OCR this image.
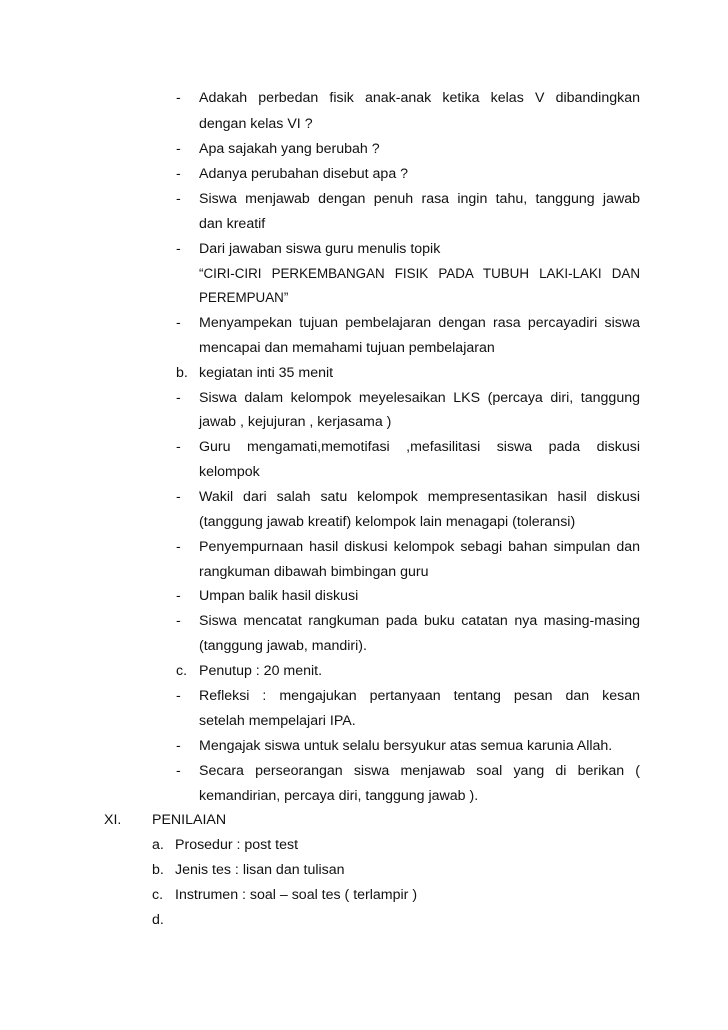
- Adakah perbedan fisik anak-anak ketika kelas V dibandingkan
dengan kelas VI ?
- Apa sajakah yang berubah ?
- Adanya perubahan disebut apa ?
- Siswa menjawab dengan penuh rasa ingin tahu, tanggung jawab
dan kreatif
- Dari jawaban siswa guru menulis topik
“CIRI-CIRI PERKEMBANGAN FISIK PADA TUBUH LAKI-LAKI DAN
PEREMPUAN”
- Menyampekan tujuan pembelajaran dengan rasa percayadiri siswa
mencapai dan memahami tujuan pembelajaran
b. kegiatan inti 35 menit
- Siswa dalam kelompok meyelesaikan LKS (percaya diri, tanggung
jawab , kejujuran , kerjasama )
- Guru mengamati,memotifasi ,mefasilitasi siswa pada diskusi
kelompok
- Wakil dari salah satu kelompok mempresentasikan hasil diskusi
(tanggung jawab kreatif) kelompok lain menagapi (toleransi)
- Penyempurnaan hasil diskusi kelompok sebagi bahan simpulan dan
rangkuman dibawah bimbingan guru
- Umpan balik hasil diskusi
- Siswa mencatat rangkuman pada buku catatan nya masing-masing
(tanggung jawab, mandiri).
c. Penutup : 20 menit.
- Refleksi : mengajukan pertanyaan tentang pesan dan kesan
setelah mempelajari IPA.
- Mengajak siswa untuk selalu bersyukur atas semua karunia Allah.
- Secara perseorangan siswa menjawab soal yang di berikan (
kemandirian, percaya diri, tanggung jawab ).
XI. PENILAIAN
a. Prosedur : post test
b. Jenis tes : lisan dan tulisan
c. Instrumen : soal – soal tes ( terlampir )
d.
